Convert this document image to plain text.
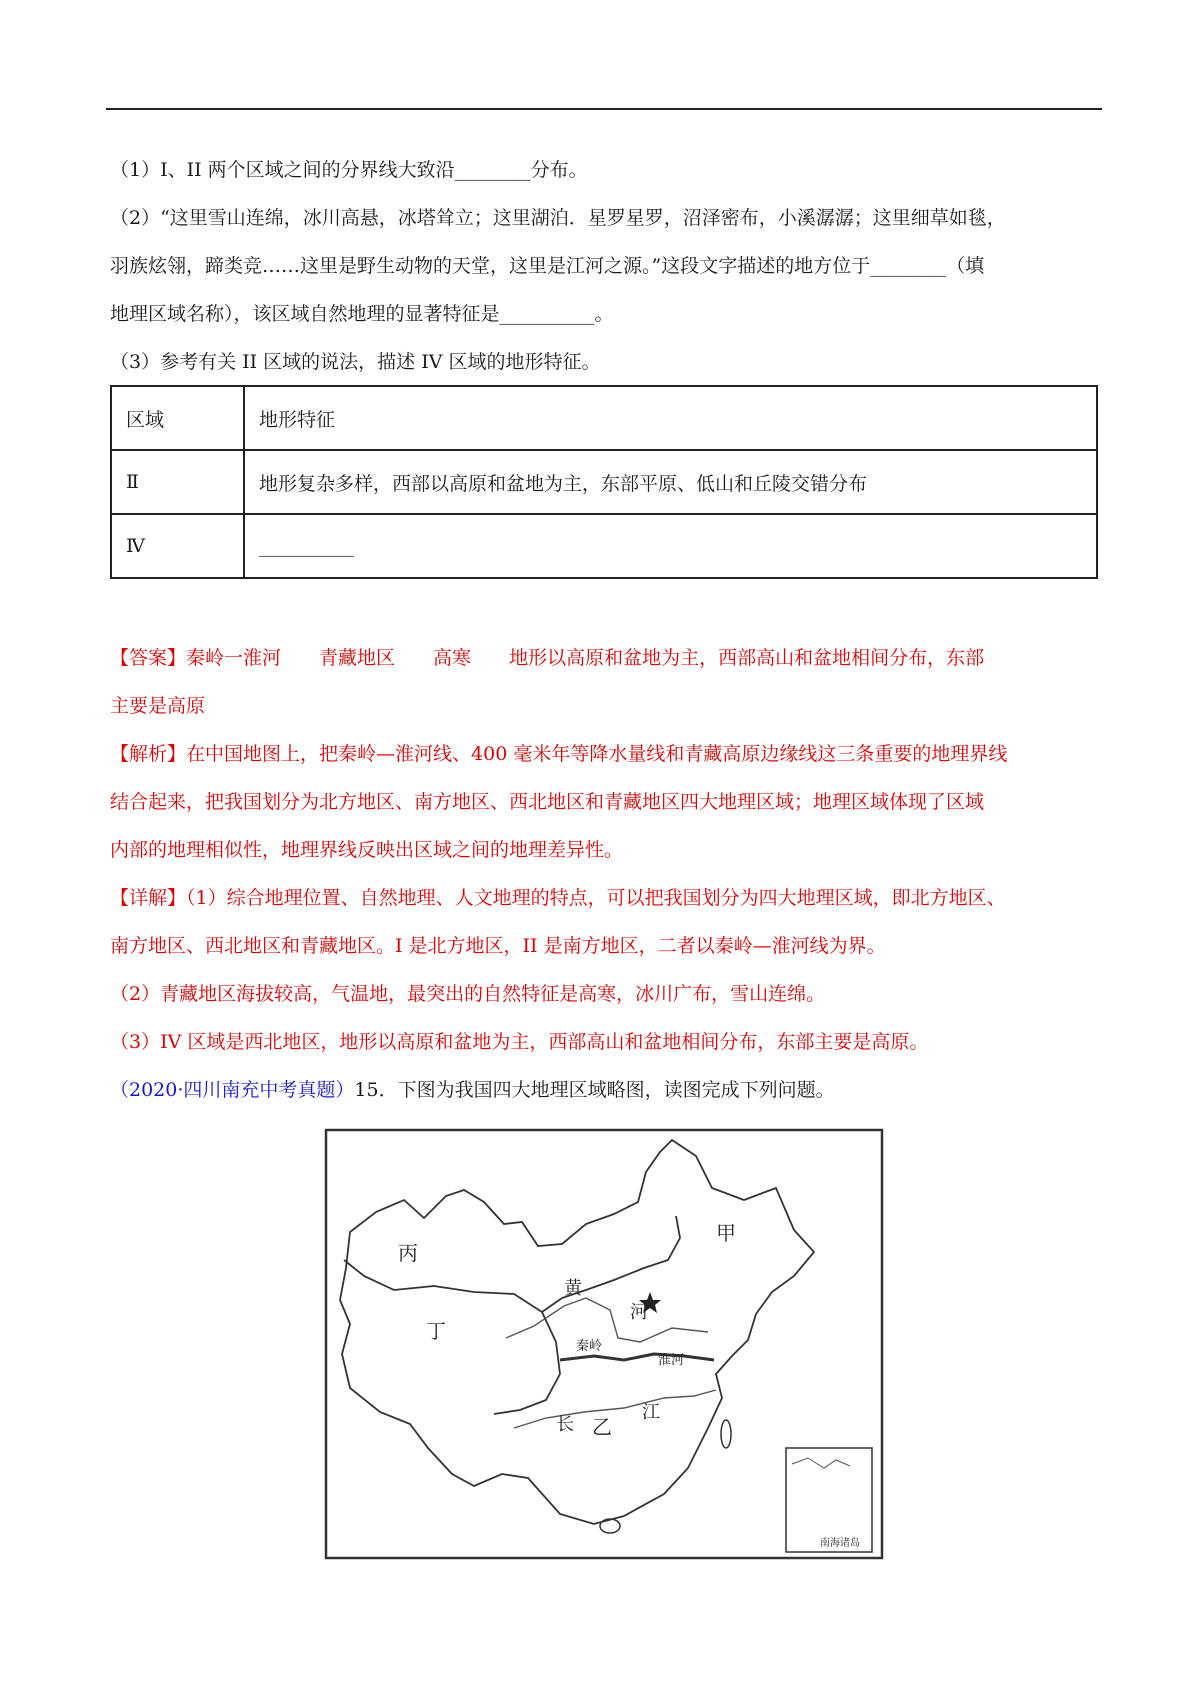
（1）I、II 两个区域之间的分界线大致沿________分布。
（2）“这里雪山连绵，冰川高悬，冰塔耸立；这里湖泊．星罗星罗，沼泽密布，小溪潺潺；这里细草如毯，
羽族炫翎，蹄类竞……这里是野生动物的天堂，这里是江河之源。”这段文字描述的地方位于________（填
地理区域名称），该区域自然地理的显著特征是__________。
（3）参考有关 II 区域的说法，描述 IV 区域的地形特征。
区域	地形特征
Ⅱ	地形复杂多样，西部以高原和盆地为主，东部平原、低山和丘陵交错分布
Ⅳ	__________
【答案】秦岭一淮河 青藏地区 高寒 地形以高原和盆地为主，西部高山和盆地相间分布，东部
主要是高原
【解析】在中国地图上，把秦岭—淮河线、400 毫米年等降水量线和青藏高原边缘线这三条重要的地理界线
结合起来，把我国划分为北方地区、南方地区、西北地区和青藏地区四大地理区域；地理区域体现了区域
内部的地理相似性，地理界线反映出区域之间的地理差异性。
【详解】（1）综合地理位置、自然地理、人文地理的特点，可以把我国划分为四大地理区域，即北方地区、
南方地区、西北地区和青藏地区。I 是北方地区，II 是南方地区，二者以秦岭—淮河线为界。
（2）青藏地区海拔较高，气温地，最突出的自然特征是高寒，冰川广布，雪山连绵。
（3）IV 区域是西北地区，地形以高原和盆地为主，西部高山和盆地相间分布，东部主要是高原。
（2020·四川南充中考真题）15．下图为我国四大地理区域略图，读图完成下列问题。
甲
丙
丁
黄
河
秦岭
淮河
长 乙
江
南海诸岛
